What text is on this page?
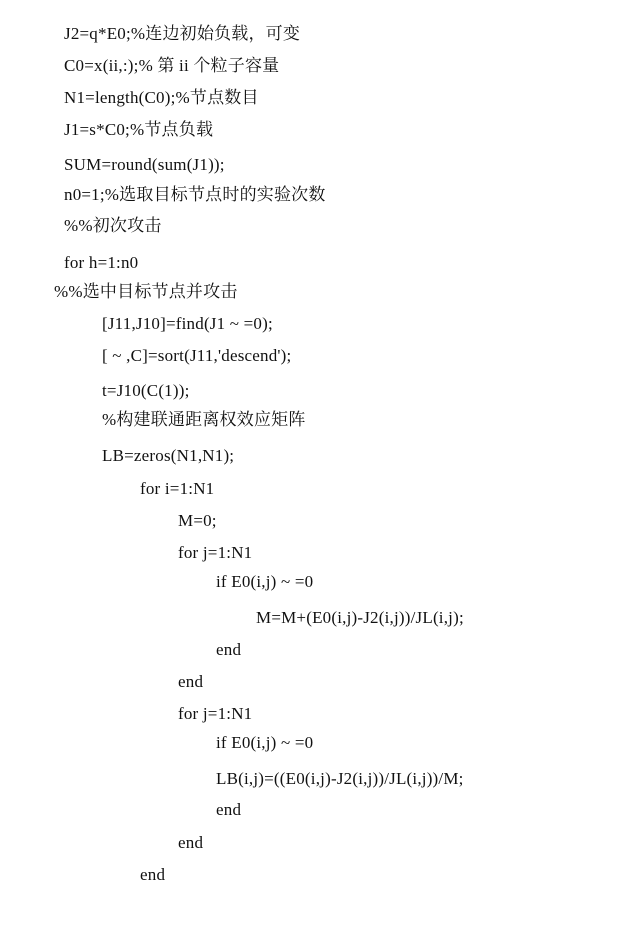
J2=q*E0;%连边初始负载，可变
C0=x(ii,:);% 第 ii 个粒子容量
N1=length(C0);%节点数目
J1=s*C0;%节点负载
SUM=round(sum(J1));
n0=1;%选取目标节点时的实验次数
%%初次攻击
for h=1:n0
%%选中目标节点并攻击
[J11,J10]=find(J1 ~ =0);
[ ~ ,C]=sort(J11,'descend');
t=J10(C(1));
%构建联通距离权效应矩阵
LB=zeros(N1,N1);
for i=1:N1
M=0;
for j=1:N1
if E0(i,j) ~ =0
M=M+(E0(i,j)-J2(i,j))/JL(i,j);
end
end
for j=1:N1
if E0(i,j) ~ =0
LB(i,j)=((E0(i,j)-J2(i,j))/JL(i,j))/M;
end
end
end
